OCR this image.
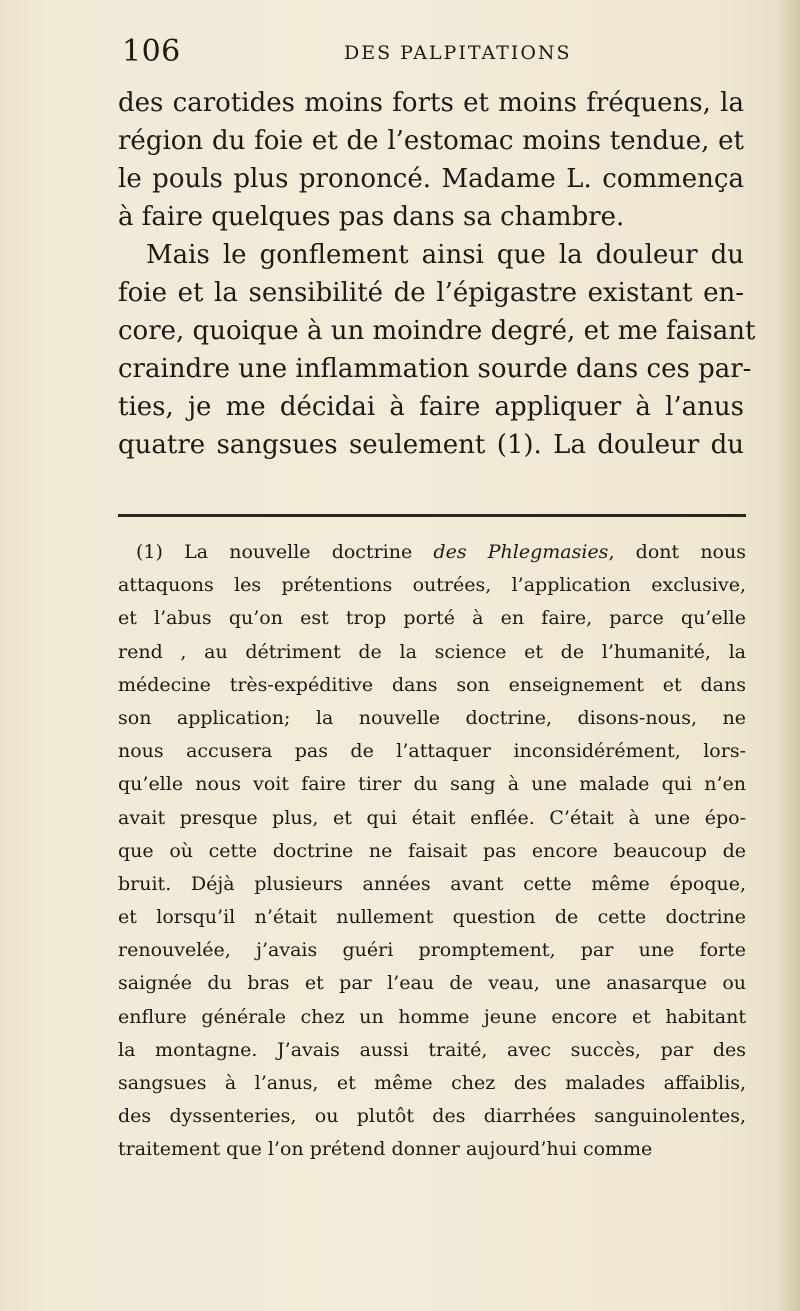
106	DES PALPITATIONS
des carotides moins forts et moins fréquens, la
région du foie et de l’estomac moins tendue, et
le pouls plus prononcé. Madame L. commença
à faire quelques pas dans sa chambre.
Mais le gonflement ainsi que la douleur du
foie et la sensibilité de l’épigastre existant en-
core, quoique à un moindre degré, et me faisant
craindre une inflammation sourde dans ces par-
ties, je me décidai à faire appliquer à l’anus
quatre sangsues seulement (1). La douleur du
(1) La nouvelle doctrine des Phlegmasies, dont nous
attaquons les prétentions outrées, l’application exclusive,
et l’abus qu’on est trop porté à en faire, parce qu’elle
rend , au détriment de la science et de l’humanité, la
médecine très-expéditive dans son enseignement et dans
son application; la nouvelle doctrine, disons-nous, ne
nous accusera pas de l’attaquer inconsidérément, lors-
qu’elle nous voit faire tirer du sang à une malade qui n’en
avait presque plus, et qui était enflée. C’était à une épo-
que où cette doctrine ne faisait pas encore beaucoup de
bruit. Déjà plusieurs années avant cette même époque,
et lorsqu’il n’était nullement question de cette doctrine
renouvelée, j’avais guéri promptement, par une forte
saignée du bras et par l’eau de veau, une anasarque ou
enflure générale chez un homme jeune encore et habitant
la montagne. J’avais aussi traité, avec succès, par des
sangsues à l’anus, et même chez des malades affaiblis,
des dyssenteries, ou plutôt des diarrhées sanguinolentes,
traitement que l’on prétend donner aujourd’hui comme
